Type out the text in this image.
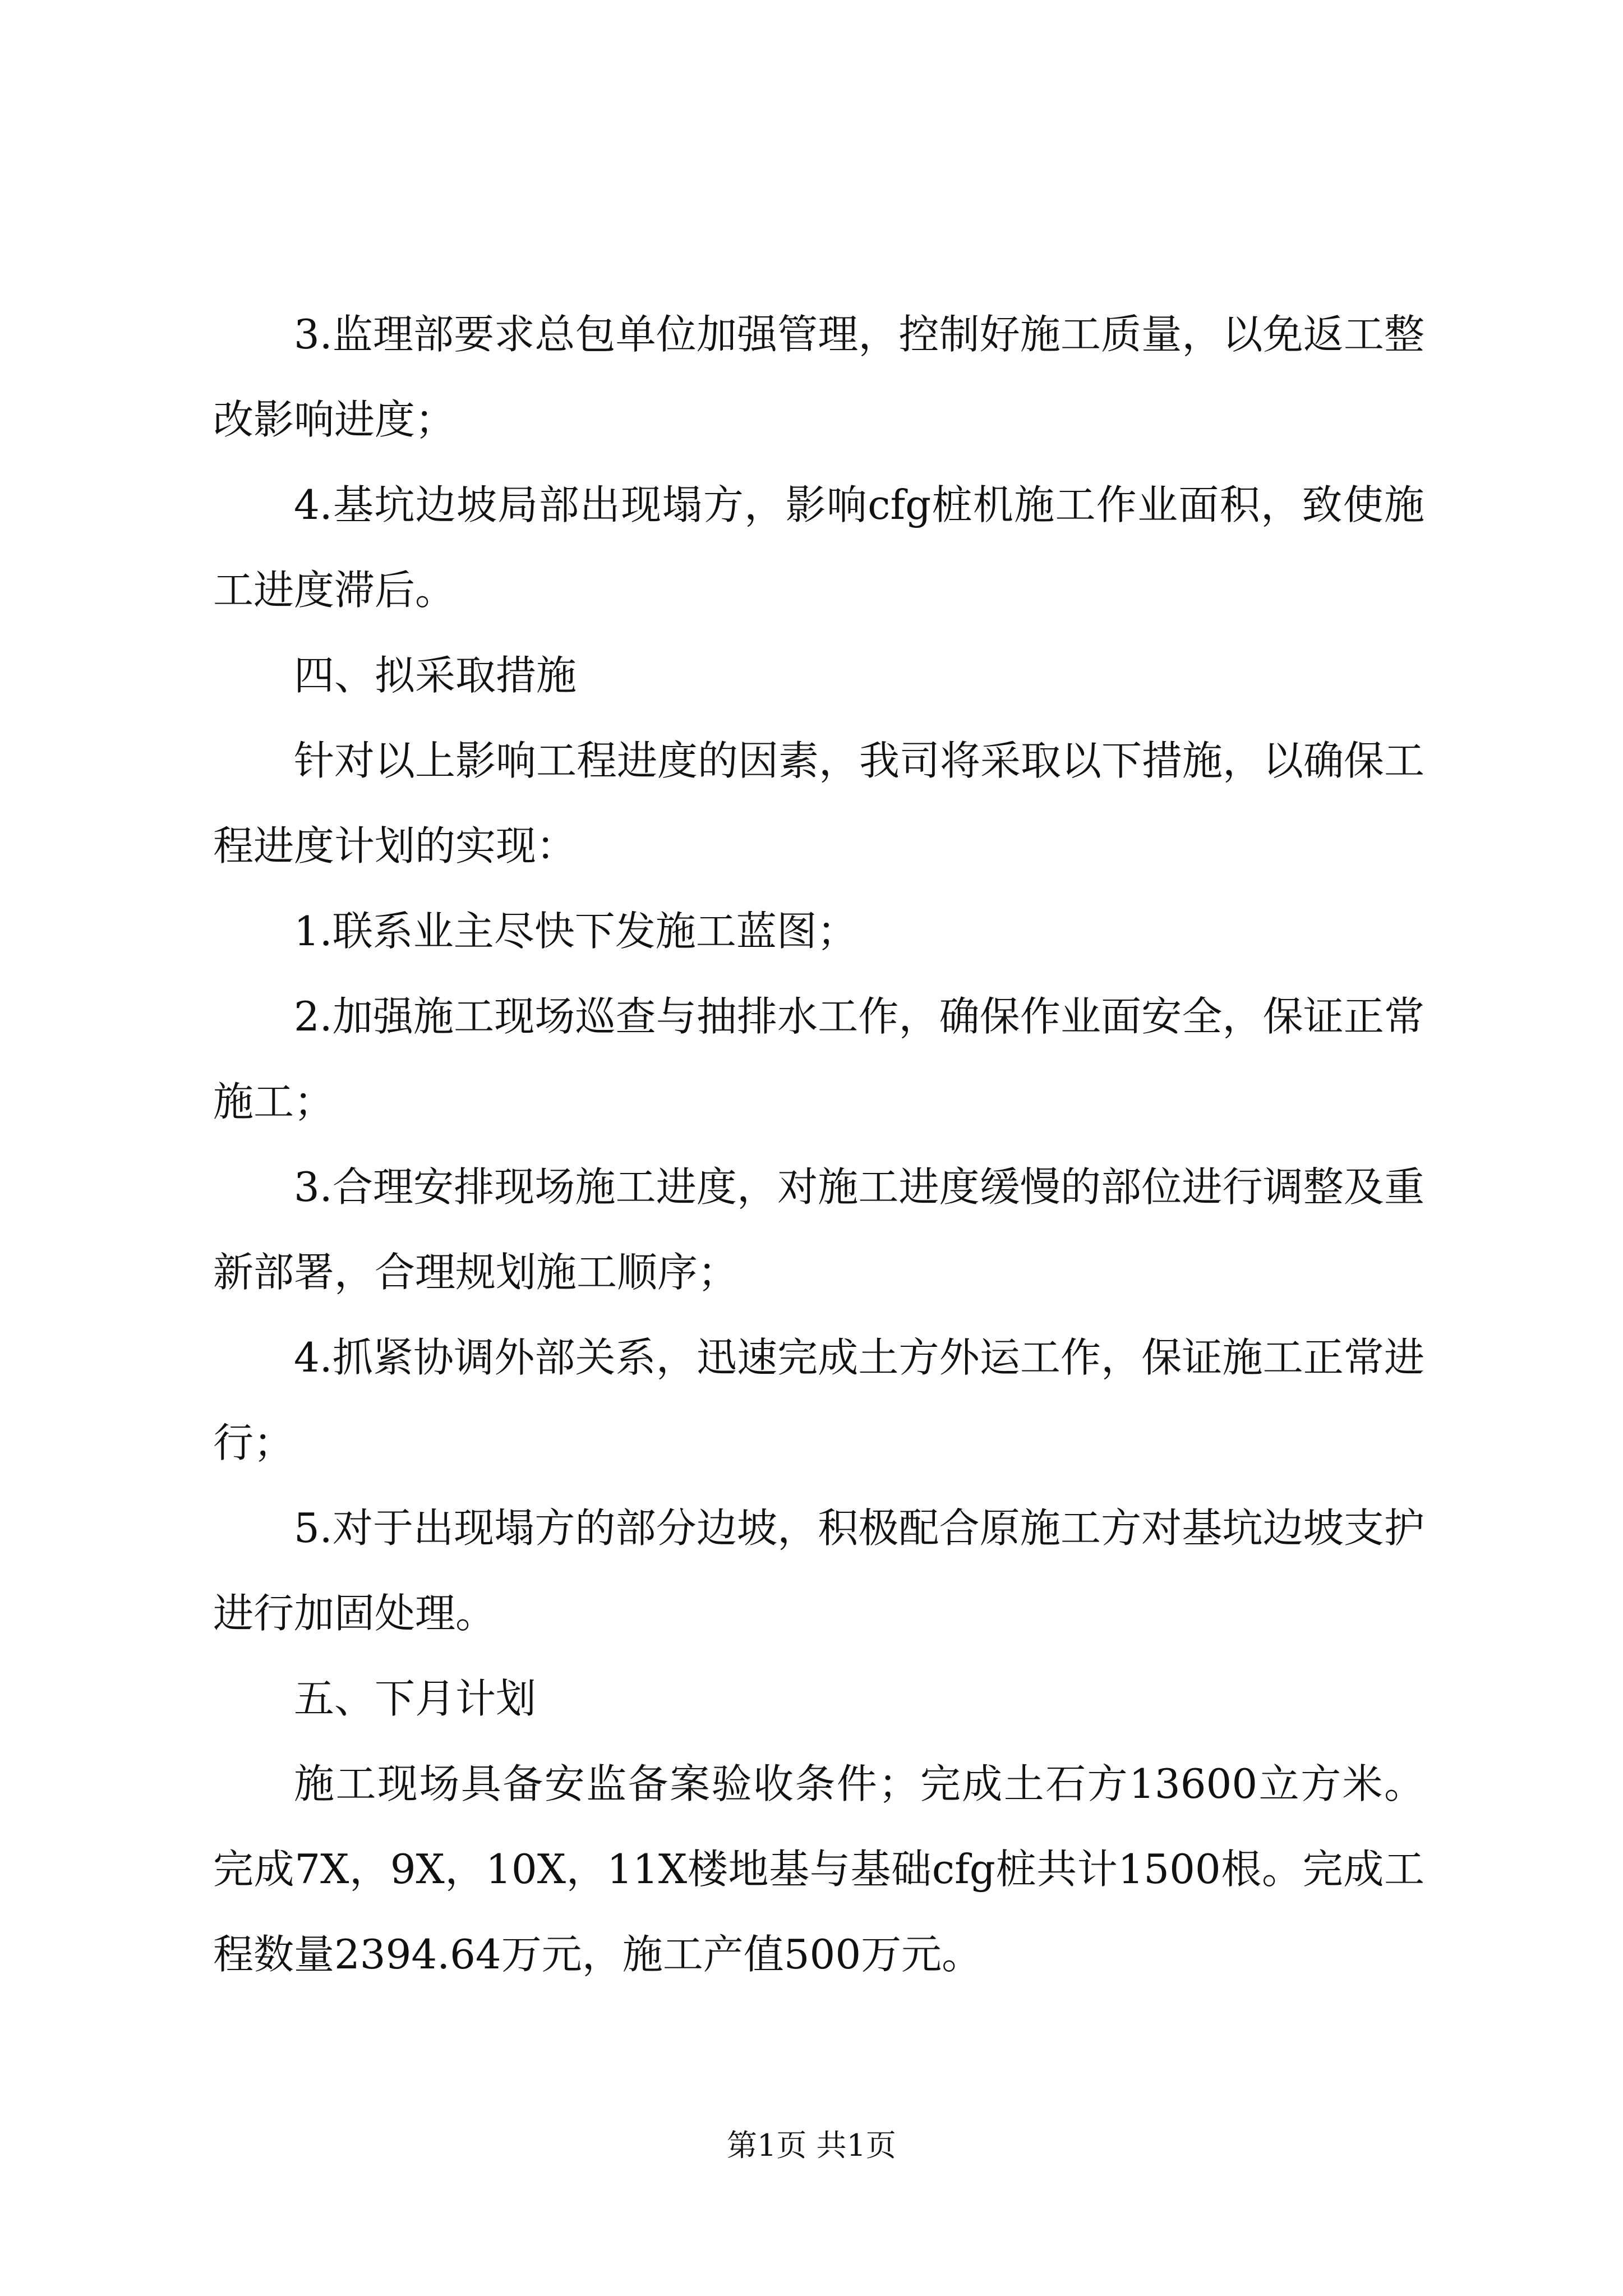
3.监理部要求总包单位加强管理，控制好施工质量，以免返工整改影响进度；

4.基坑边坡局部出现塌方，影响cfg桩机施工作业面积，致使施工进度滞后。

四、拟采取措施

针对以上影响工程进度的因素，我司将采取以下措施，以确保工程进度计划的实现：

1.联系业主尽快下发施工蓝图；

2.加强施工现场巡查与抽排水工作，确保作业面安全，保证正常施工；

3.合理安排现场施工进度，对施工进度缓慢的部位进行调整及重新部署，合理规划施工顺序；

4.抓紧协调外部关系，迅速完成土方外运工作，保证施工正常进行；

5.对于出现塌方的部分边坡，积极配合原施工方对基坑边坡支护进行加固处理。

五、下月计划

施工现场具备安监备案验收条件；完成土石方13600立方米。完成7X，9X，10X，11X楼地基与基础cfg桩共计1500根。完成工程数量2394.64万元，施工产值500万元。

第1页 共1页
